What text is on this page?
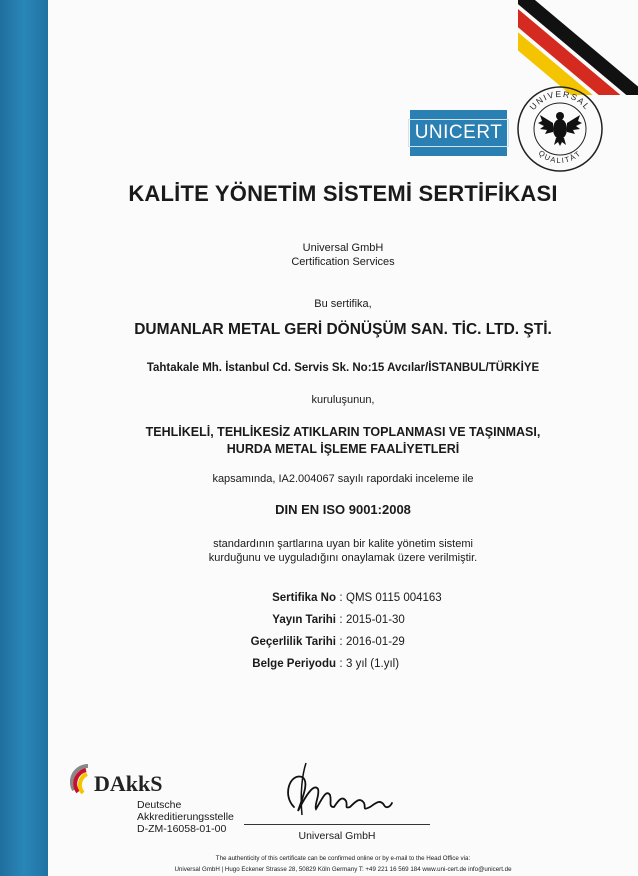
UNICERT
UNIVERSAL
QUALITÄT
KALİTE YÖNETİM SİSTEMİ SERTİFİKASI
Universal GmbH
Certification Services
Bu sertifika,
DUMANLAR METAL GERİ DÖNÜŞÜM SAN. TİC. LTD. ŞTİ.
Tahtakale Mh. İstanbul Cd. Servis Sk. No:15 Avcılar/İSTANBUL/TÜRKİYE
kuruluşunun,
TEHLİKELİ, TEHLİKESİZ ATIKLARIN TOPLANMASI VE TAŞINMASI,
HURDA METAL İŞLEME FAALİYETLERİ
kapsamında, IA2.004067 sayılı rapordaki inceleme ile
DIN EN ISO 9001:2008
standardının şartlarına uyan bir kalite yönetim sistemi
kurduğunu ve uyguladığını onaylamak üzere verilmiştir.
Sertifika No : QMS 0115 004163
Yayın Tarihi : 2015-01-30
Geçerlilik Tarihi : 2016-01-29
Belge Periyodu : 3 yıl (1.yıl)
DAkkS
Deutsche
Akkreditierungsstelle
D-ZM-16058-01-00
Universal GmbH
The authenticity of this certificate can be confirmed online or by e-mail to the Head Office via:
Universal GmbH | Hugo Eckener Strasse 28, 50829 Köln Germany T: +49 221 16 569 184 www.uni-cert.de info@unicert.de
